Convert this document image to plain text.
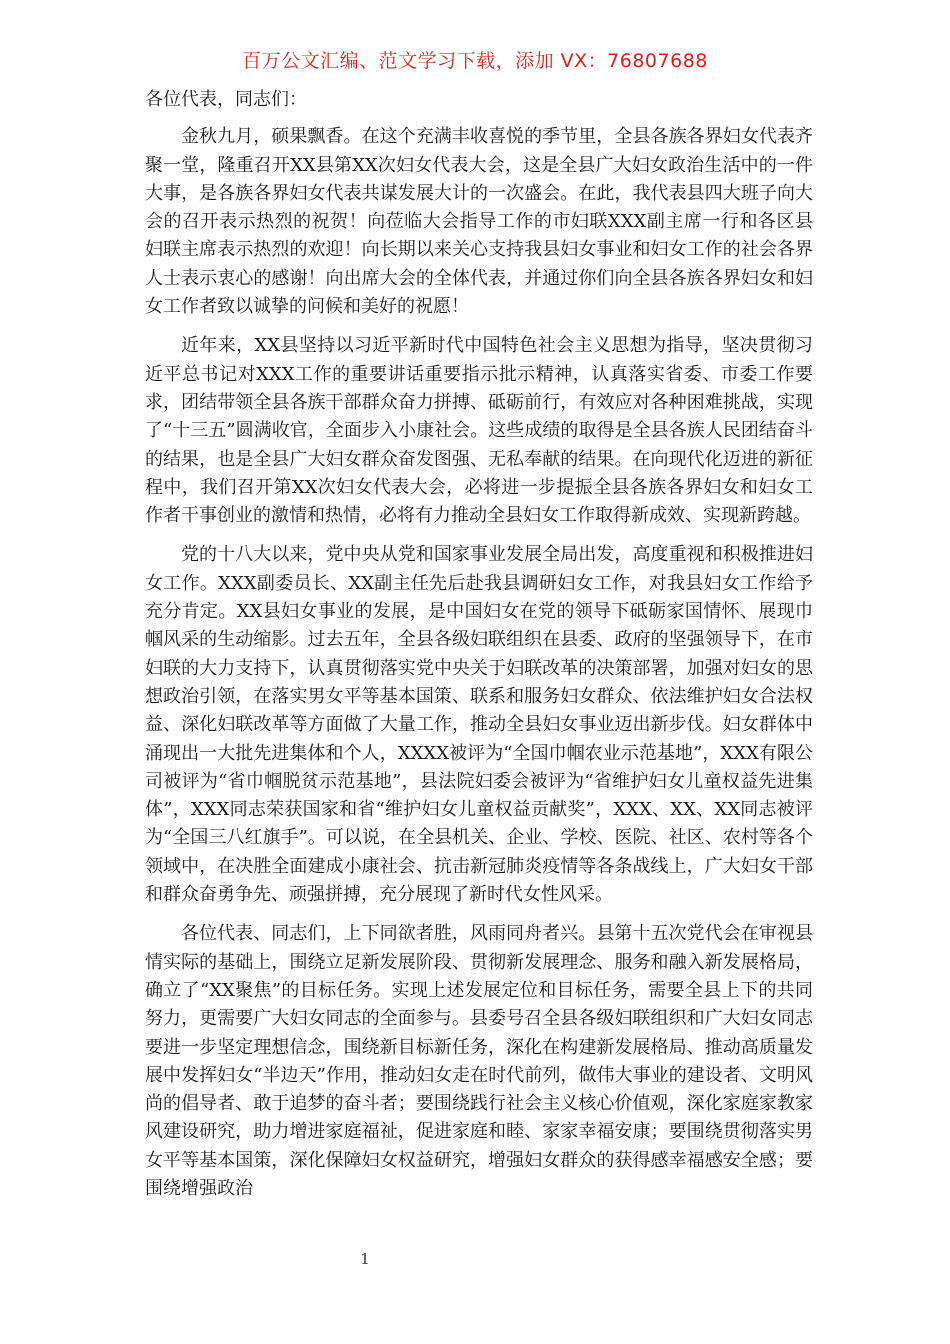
百万公文汇编、范文学习下载，添加 VX：76807688

各位代表，同志们：

金秋九月，硕果飘香。在这个充满丰收喜悦的季节里，全县各族各界妇女代表齐聚一堂，隆重召开XX县第XX次妇女代表大会，这是全县广大妇女政治生活中的一件大事，是各族各界妇女代表共谋发展大计的一次盛会。在此，我代表县四大班子向大会的召开表示热烈的祝贺！向莅临大会指导工作的市妇联XXX副主席一行和各区县妇联主席表示热烈的欢迎！向长期以来关心支持我县妇女事业和妇女工作的社会各界人士表示衷心的感谢！向出席大会的全体代表，并通过你们向全县各族各界妇女和妇女工作者致以诚挚的问候和美好的祝愿！

近年来，XX县坚持以习近平新时代中国特色社会主义思想为指导，坚决贯彻习近平总书记对XXX工作的重要讲话重要指示批示精神，认真落实省委、市委工作要求，团结带领全县各族干部群众奋力拼搏、砥砺前行，有效应对各种困难挑战，实现了“十三五”圆满收官，全面步入小康社会。这些成绩的取得是全县各族人民团结奋斗的结果，也是全县广大妇女群众奋发图强、无私奉献的结果。在向现代化迈进的新征程中，我们召开第XX次妇女代表大会，必将进一步提振全县各族各界妇女和妇女工作者干事创业的激情和热情，必将有力推动全县妇女工作取得新成效、实现新跨越。

党的十八大以来，党中央从党和国家事业发展全局出发，高度重视和积极推进妇女工作。XXX副委员长、XX副主任先后赴我县调研妇女工作，对我县妇女工作给予充分肯定。XX县妇女事业的发展，是中国妇女在党的领导下砥砺家国情怀、展现巾帼风采的生动缩影。过去五年，全县各级妇联组织在县委、政府的坚强领导下，在市妇联的大力支持下，认真贯彻落实党中央关于妇联改革的决策部署，加强对妇女的思想政治引领，在落实男女平等基本国策、联系和服务妇女群众、依法维护妇女合法权益、深化妇联改革等方面做了大量工作，推动全县妇女事业迈出新步伐。妇女群体中涌现出一大批先进集体和个人，XXXX被评为“全国巾帼农业示范基地”，XXX有限公司被评为“省巾帼脱贫示范基地”，县法院妇委会被评为“省维护妇女儿童权益先进集体”，XXX同志荣获国家和省“维护妇女儿童权益贡献奖”，XXX、XX、XX同志被评为“全国三八红旗手”。可以说，在全县机关、企业、学校、医院、社区、农村等各个领域中，在决胜全面建成小康社会、抗击新冠肺炎疫情等各条战线上，广大妇女干部和群众奋勇争先、顽强拼搏，充分展现了新时代女性风采。

各位代表、同志们，上下同欲者胜，风雨同舟者兴。县第十五次党代会在审视县情实际的基础上，围绕立足新发展阶段、贯彻新发展理念、服务和融入新发展格局，确立了“XX聚焦”的目标任务。实现上述发展定位和目标任务，需要全县上下的共同努力，更需要广大妇女同志的全面参与。县委号召全县各级妇联组织和广大妇女同志要进一步坚定理想信念，围绕新目标新任务，深化在构建新发展格局、推动高质量发展中发挥妇女“半边天”作用，推动妇女走在时代前列，做伟大事业的建设者、文明风尚的倡导者、敢于追梦的奋斗者；要围绕践行社会主义核心价值观，深化家庭家教家风建设研究，助力增进家庭福祉，促进家庭和睦、家家幸福安康；要围绕贯彻落实男女平等基本国策，深化保障妇女权益研究，增强妇女群众的获得感幸福感安全感；要围绕增强政治

1
